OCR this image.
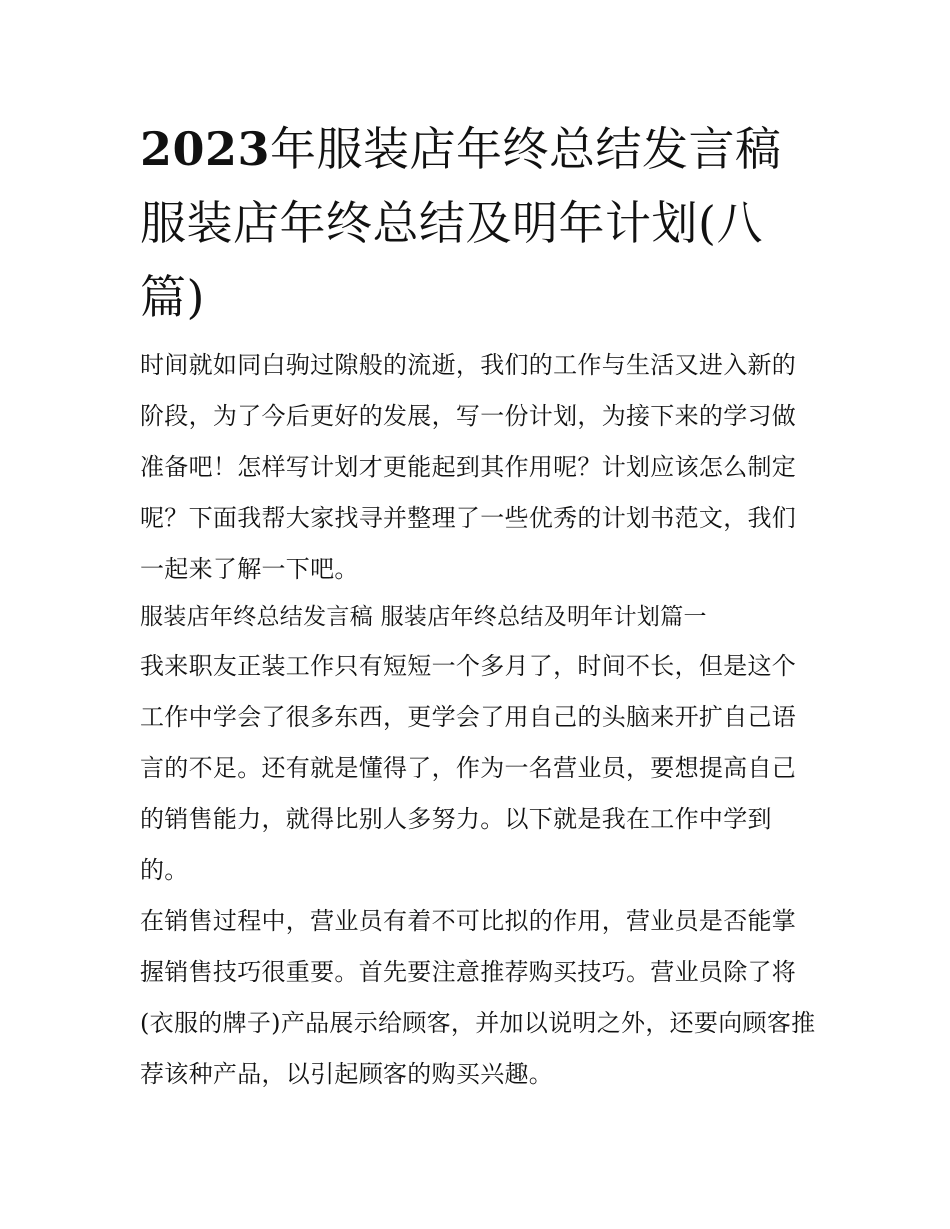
2023年服装店年终总结发言稿 服装店年终总结及明年计划(八篇)

时间就如同白驹过隙般的流逝，我们的工作与生活又进入新的阶段，为了今后更好的发展，写一份计划，为接下来的学习做准备吧！怎样写计划才更能起到其作用呢？计划应该怎么制定呢？下面我帮大家找寻并整理了一些优秀的计划书范文，我们一起来了解一下吧。

服装店年终总结发言稿 服装店年终总结及明年计划篇一

我来职友正装工作只有短短一个多月了，时间不长，但是这个工作中学会了很多东西，更学会了用自己的头脑来开扩自己语言的不足。还有就是懂得了，作为一名营业员，要想提高自己的销售能力，就得比别人多努力。以下就是我在工作中学到的。

在销售过程中，营业员有着不可比拟的作用，营业员是否能掌握销售技巧很重要。首先要注意推荐购买技巧。营业员除了将(衣服的牌子)产品展示给顾客，并加以说明之外，还要向顾客推荐该种产品，以引起顾客的购买兴趣。
